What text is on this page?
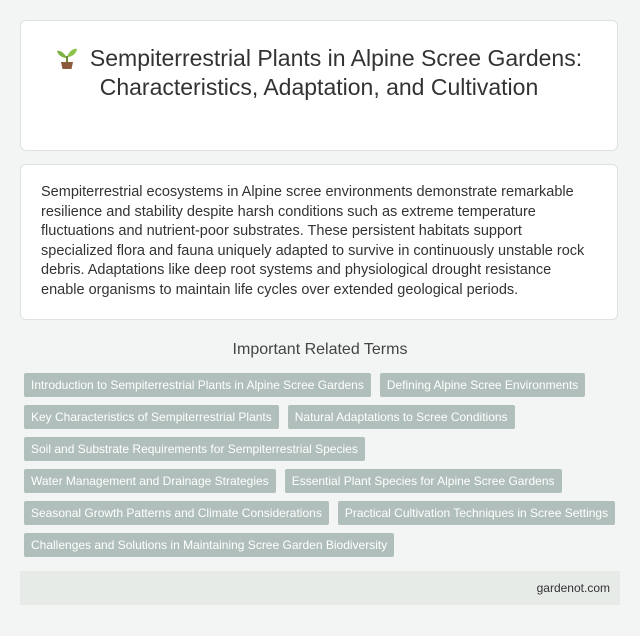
Sempiterrestrial Plants in Alpine Scree Gardens: Characteristics, Adaptation, and Cultivation

Sempiterrestrial ecosystems in Alpine scree environments demonstrate remarkable resilience and stability despite harsh conditions such as extreme temperature fluctuations and nutrient-poor substrates. These persistent habitats support specialized flora and fauna uniquely adapted to survive in continuously unstable rock debris. Adaptations like deep root systems and physiological drought resistance enable organisms to maintain life cycles over extended geological periods.

Important Related Terms
Introduction to Sempiterrestrial Plants in Alpine Scree Gardens	Defining Alpine Scree Environments
Key Characteristics of Sempiterrestrial Plants	Natural Adaptations to Scree Conditions
Soil and Substrate Requirements for Sempiterrestrial Species
Water Management and Drainage Strategies	Essential Plant Species for Alpine Scree Gardens
Seasonal Growth Patterns and Climate Considerations	Practical Cultivation Techniques in Scree Settings
Challenges and Solutions in Maintaining Scree Garden Biodiversity
gardenot.com
